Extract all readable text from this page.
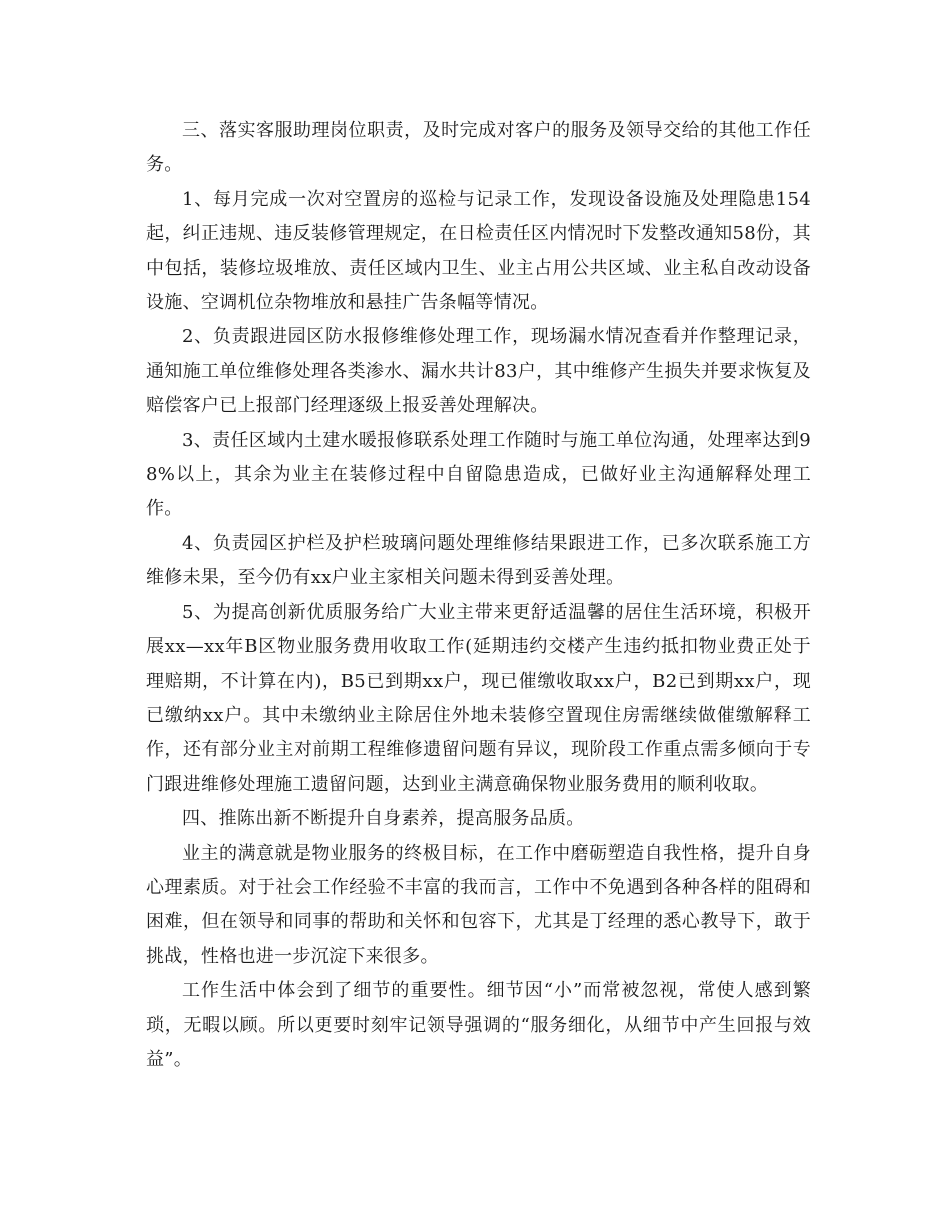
三、落实客服助理岗位职责，及时完成对客户的服务及领导交给的其他工作任务。

1、每月完成一次对空置房的巡检与记录工作，发现设备设施及处理隐患154起，纠正违规、违反装修管理规定，在日检责任区内情况时下发整改通知58份，其中包括，装修垃圾堆放、责任区域内卫生、业主占用公共区域、业主私自改动设备设施、空调机位杂物堆放和悬挂广告条幅等情况。

2、负责跟进园区防水报修维修处理工作，现场漏水情况查看并作整理记录，通知施工单位维修处理各类渗水、漏水共计83户，其中维修产生损失并要求恢复及赔偿客户已上报部门经理逐级上报妥善处理解决。

3、责任区域内土建水暖报修联系处理工作随时与施工单位沟通，处理率达到98%以上，其余为业主在装修过程中自留隐患造成，已做好业主沟通解释处理工作。

4、负责园区护栏及护栏玻璃问题处理维修结果跟进工作，已多次联系施工方维修未果，至今仍有xx户业主家相关问题未得到妥善处理。

5、为提高创新优质服务给广大业主带来更舒适温馨的居住生活环境，积极开展xx—xx年B区物业服务费用收取工作(延期违约交楼产生违约抵扣物业费正处于理赔期，不计算在内)，B5已到期xx户，现已催缴收取xx户，B2已到期xx户，现已缴纳xx户。其中未缴纳业主除居住外地未装修空置现住房需继续做催缴解释工作，还有部分业主对前期工程维修遗留问题有异议，现阶段工作重点需多倾向于专门跟进维修处理施工遗留问题，达到业主满意确保物业服务费用的顺利收取。

四、推陈出新不断提升自身素养，提高服务品质。

业主的满意就是物业服务的终极目标，在工作中磨砺塑造自我性格，提升自身心理素质。对于社会工作经验不丰富的我而言，工作中不免遇到各种各样的阻碍和困难，但在领导和同事的帮助和关怀和包容下，尤其是丁经理的悉心教导下，敢于挑战，性格也进一步沉淀下来很多。

工作生活中体会到了细节的重要性。细节因“小”而常被忽视，常使人感到繁琐，无暇以顾。所以更要时刻牢记领导强调的“服务细化，从细节中产生回报与效益”。
